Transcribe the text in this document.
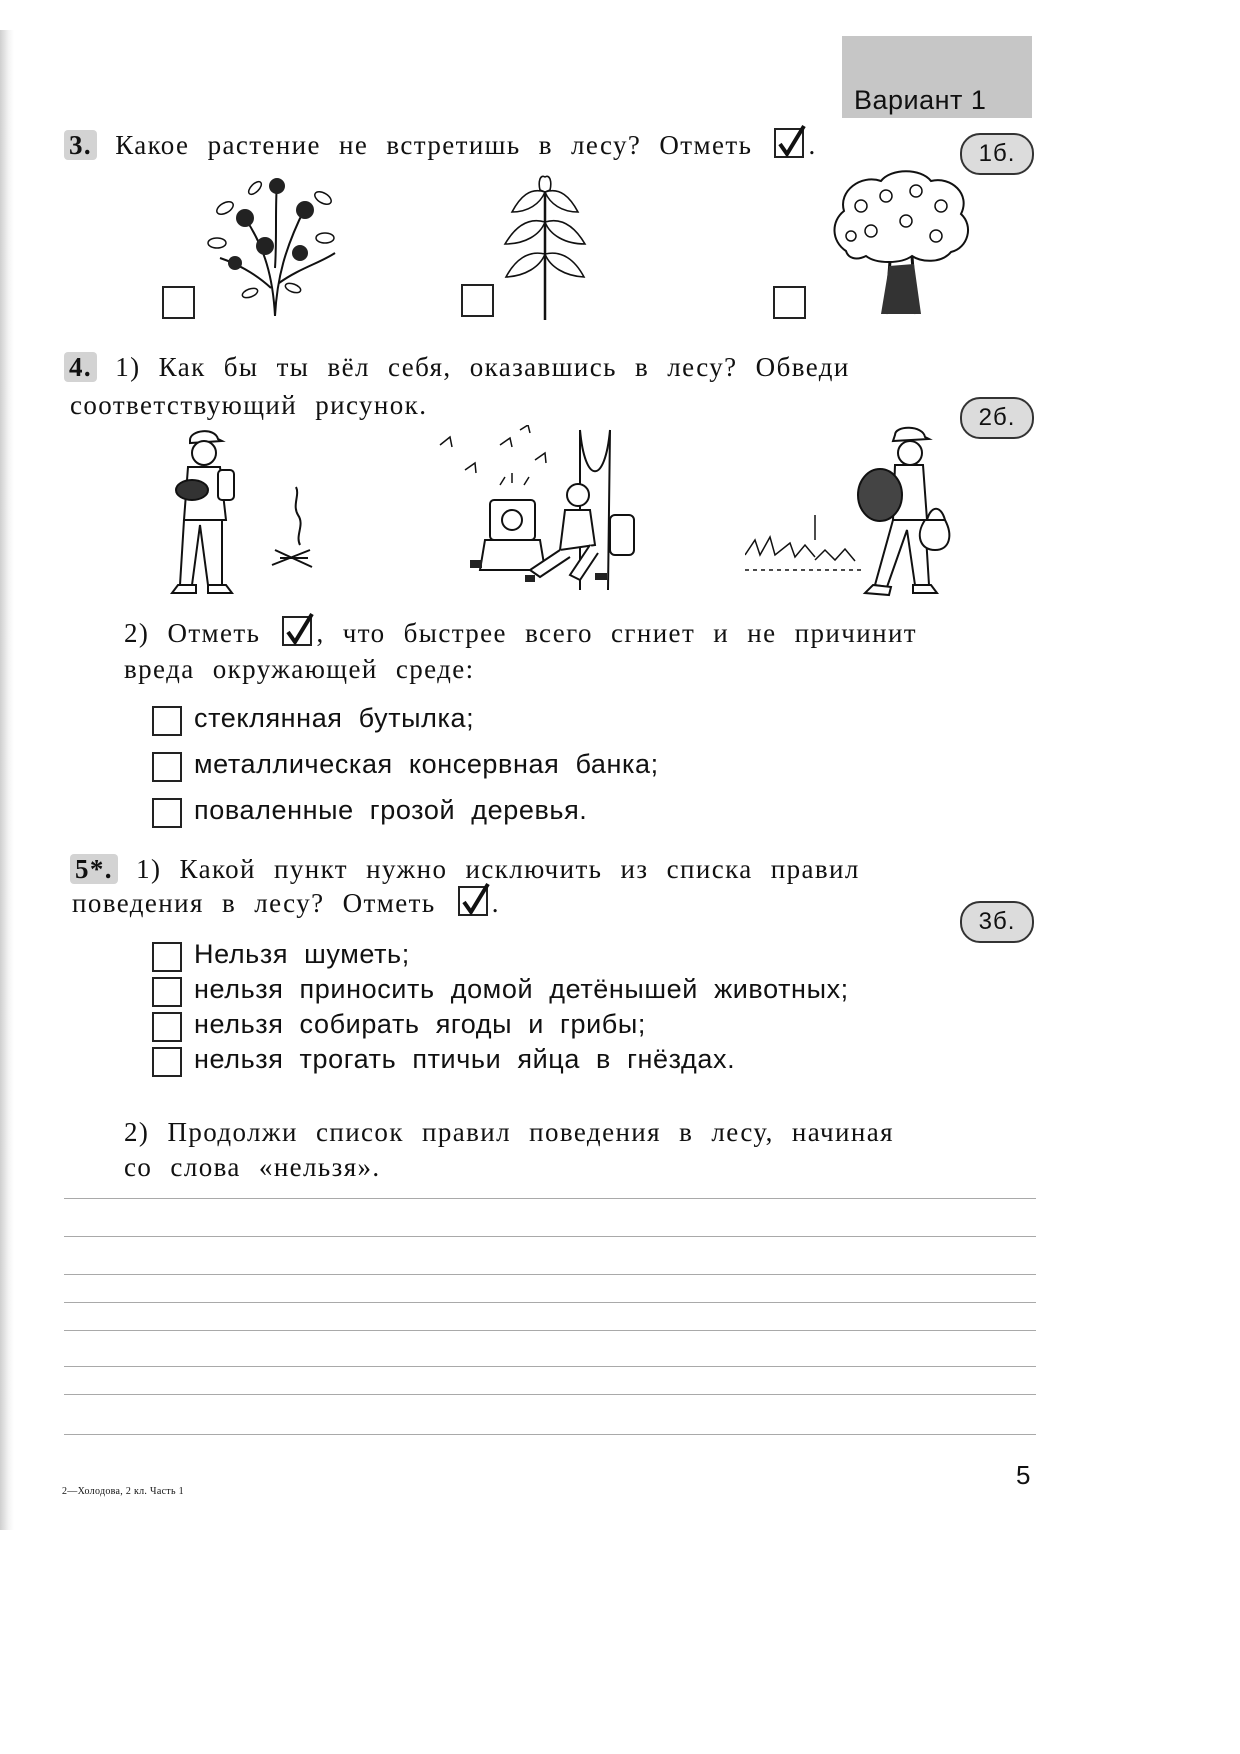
Вариант 1
3. Какое растение не встретишь в лесу? Отметь .	1б.
4. 1) Как бы ты вёл себя, оказавшись в лесу? Обведи
соответствующий рисунок.	2б.
2) Отметь , что быстрее всего сгниет и не причинит
вреда окружающей среде:
стеклянная бутылка;
металлическая консервная банка;
поваленные грозой деревья.
5*. 1) Какой пункт нужно исключить из списка правил
поведения в лесу? Отметь .
3б.
Нельзя шуметь;
нельзя приносить домой детёнышей животных;
нельзя собирать ягоды и грибы;
нельзя трогать птичьи яйца в гнёздах.
2) Продолжи список правил поведения в лесу, начиная
со слова «нельзя».
2—Холодова, 2 кл. Часть 1
5
